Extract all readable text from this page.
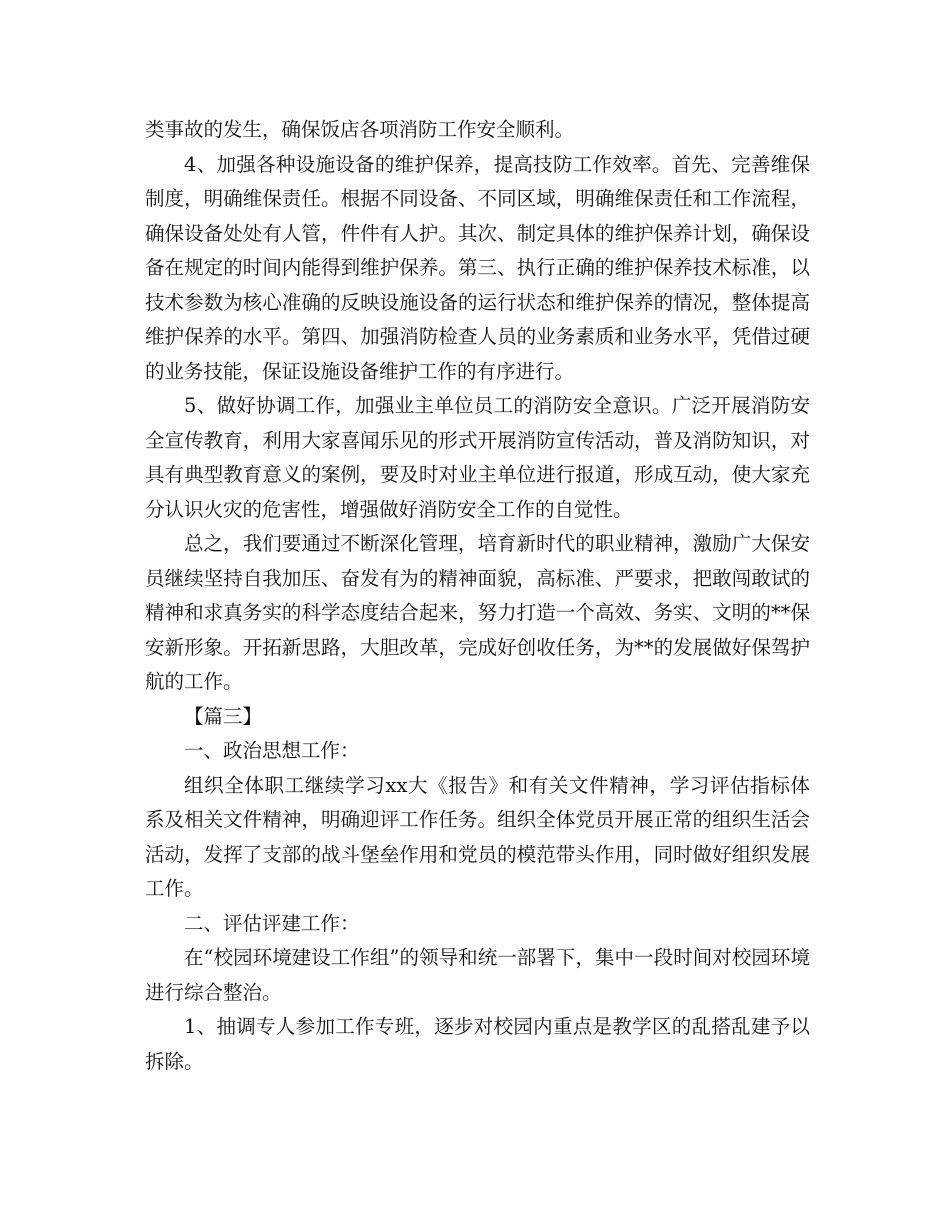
类事故的发生，确保饭店各项消防工作安全顺利。

4、加强各种设施设备的维护保养，提高技防工作效率。首先、完善维保制度，明确维保责任。根据不同设备、不同区域，明确维保责任和工作流程，确保设备处处有人管，件件有人护。其次、制定具体的维护保养计划，确保设备在规定的时间内能得到维护保养。第三、执行正确的维护保养技术标准，以技术参数为核心准确的反映设施设备的运行状态和维护保养的情况，整体提高维护保养的水平。第四、加强消防检查人员的业务素质和业务水平，凭借过硬的业务技能，保证设施设备维护工作的有序进行。

5、做好协调工作，加强业主单位员工的消防安全意识。广泛开展消防安全宣传教育，利用大家喜闻乐见的形式开展消防宣传活动，普及消防知识，对具有典型教育意义的案例，要及时对业主单位进行报道，形成互动，使大家充分认识火灾的危害性，增强做好消防安全工作的自觉性。

总之，我们要通过不断深化管理，培育新时代的职业精神，激励广大保安员继续坚持自我加压、奋发有为的精神面貌，高标准、严要求，把敢闯敢试的精神和求真务实的科学态度结合起来，努力打造一个高效、务实、文明的**保安新形象。开拓新思路，大胆改革，完成好创收任务，为**的发展做好保驾护航的工作。

【篇三】

一、政治思想工作：

组织全体职工继续学习xx大《报告》和有关文件精神，学习评估指标体系及相关文件精神，明确迎评工作任务。组织全体党员开展正常的组织生活会活动，发挥了支部的战斗堡垒作用和党员的模范带头作用，同时做好组织发展工作。

二、评估评建工作：

在“校园环境建设工作组”的领导和统一部署下，集中一段时间对校园环境进行综合整治。

1、抽调专人参加工作专班，逐步对校园内重点是教学区的乱搭乱建予以拆除。
